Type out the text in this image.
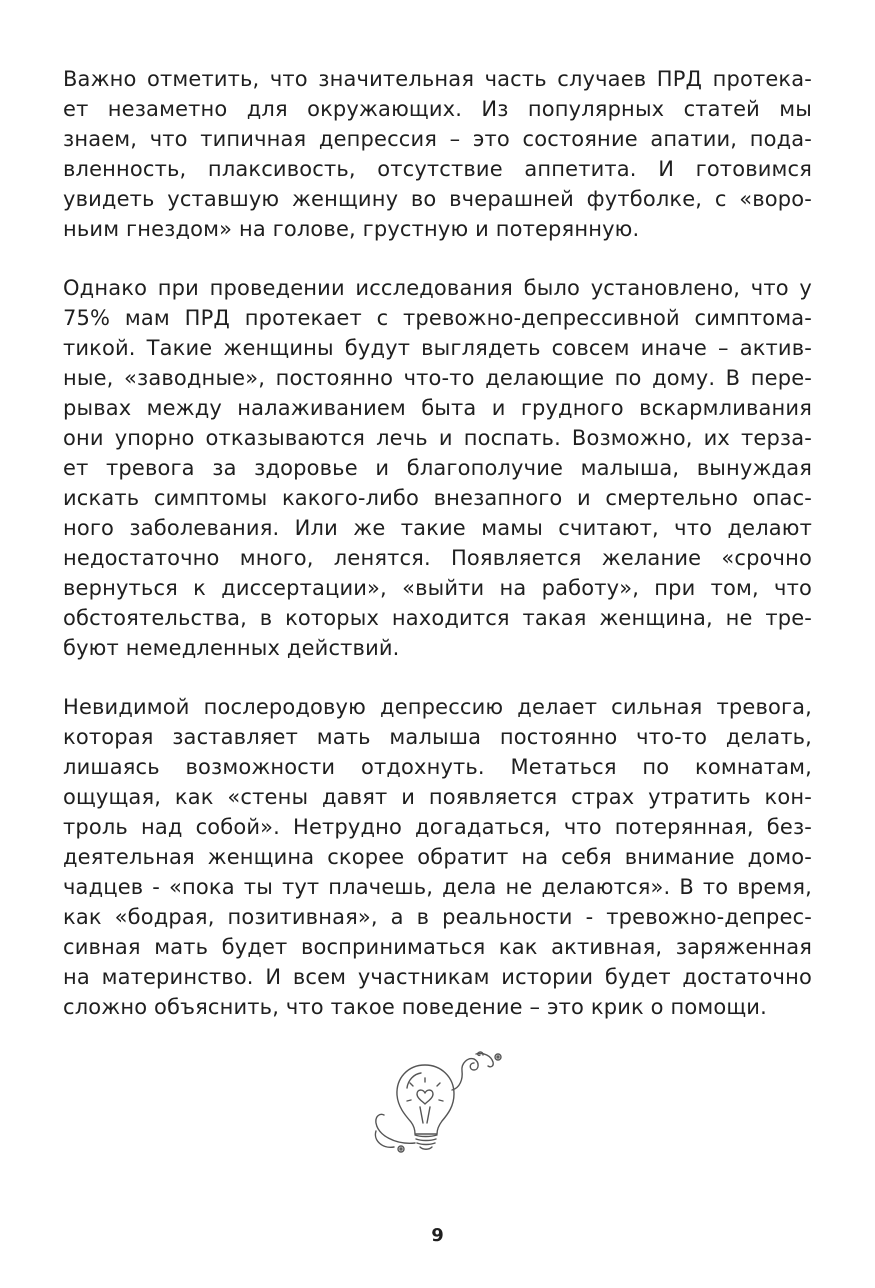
Важно отметить, что значительная часть случаев ПРД протека-
ет незаметно для окружающих. Из популярных статей мы
знаем, что типичная депрессия – это состояние апатии, пода-
вленность, плаксивость, отсутствие аппетита. И готовимся
увидеть уставшую женщину во вчерашней футболке, с «воро-
ньим гнездом» на голове, грустную и потерянную.
Однако при проведении исследования было установлено, что у
75% мам ПРД протекает с тревожно-депрессивной симптома-
тикой. Такие женщины будут выглядеть совсем иначе – актив-
ные, «заводные», постоянно что-то делающие по дому. В пере-
рывах между налаживанием быта и грудного вскармливания
они упорно отказываются лечь и поспать. Возможно, их терза-
ет тревога за здоровье и благополучие малыша, вынуждая
искать симптомы какого-либо внезапного и смертельно опас-
ного заболевания. Или же такие мамы считают, что делают
недостаточно много, ленятся. Появляется желание «срочно
вернуться к диссертации», «выйти на работу», при том, что
обстоятельства, в которых находится такая женщина, не тре-
буют немедленных действий.
Невидимой послеродовую депрессию делает сильная тревога,
которая заставляет мать малыша постоянно что-то делать,
лишаясь возможности отдохнуть. Метаться по комнатам,
ощущая, как «стены давят и появляется страх утратить кон-
троль над собой». Нетрудно догадаться, что потерянная, без-
деятельная женщина скорее обратит на себя внимание домо-
чадцев - «пока ты тут плачешь, дела не делаются». В то время,
как «бодрая, позитивная», а в реальности - тревожно-депрес-
сивная мать будет восприниматься как активная, заряженная
на материнство. И всем участникам истории будет достаточно
сложно объяснить, что такое поведение – это крик о помощи.
9
